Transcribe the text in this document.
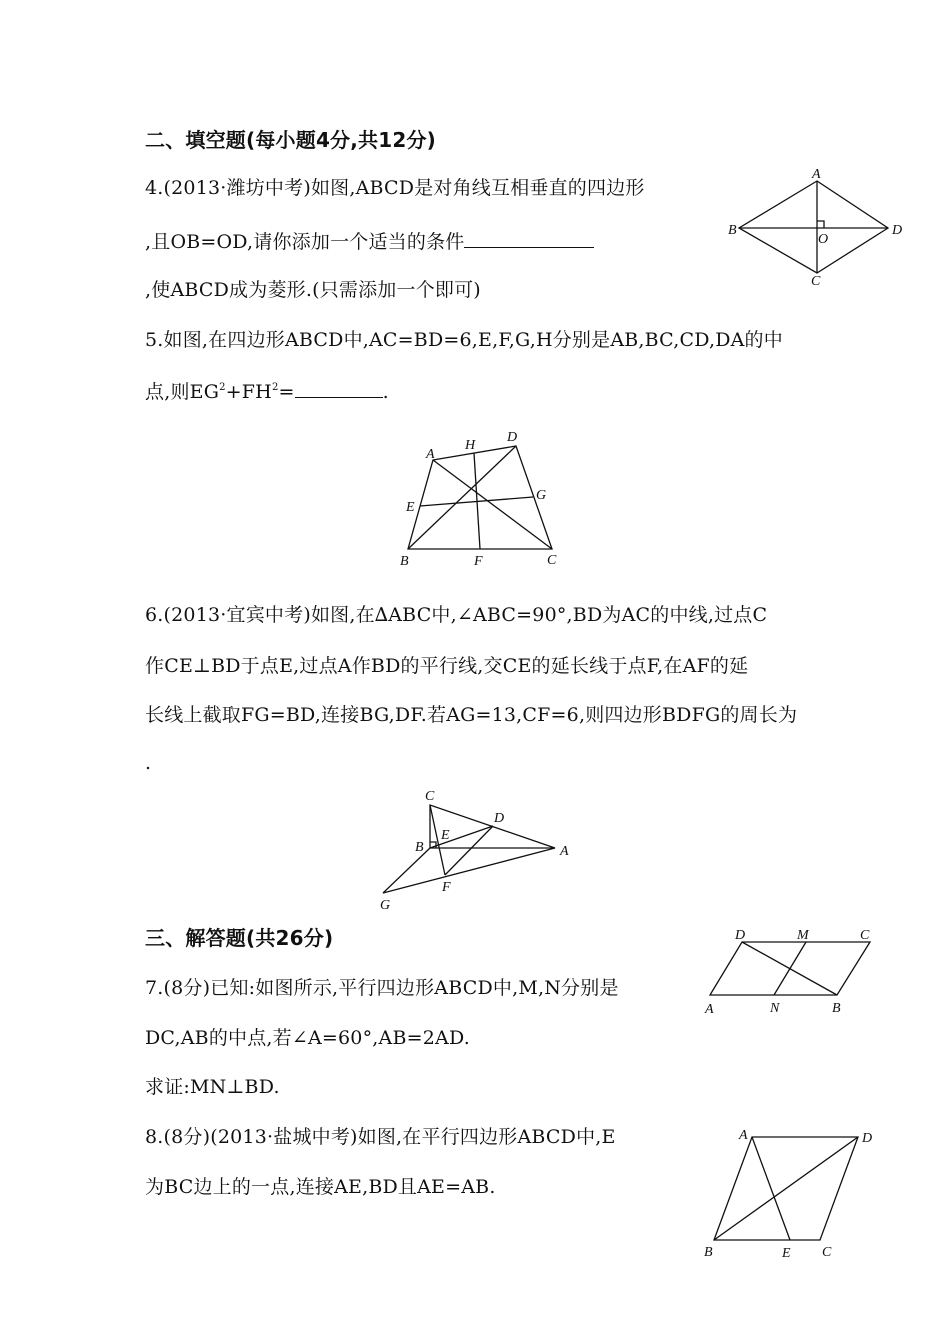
二、填空题(每小题4分,共12分)
4.(2013·潍坊中考)如图,ABCD是对角线互相垂直的四边形
,且OB=OD,请你添加一个适当的条件
,使ABCD成为菱形.(只需添加一个即可)
A
B
C
D
O
5.如图,在四边形ABCD中,AC=BD=6,E,F,G,H分别是AB,BC,CD,DA的中
点,则$EG^2+FH^2=$	.
A
H
D
E
G
B	F	C
6.(2013·宜宾中考)如图,在∆ABC中,∠ABC=90°,BD为AC的中线,过点C
作CE⊥BD于点E,过点A作BD的平行线,交CE的延长线于点F,在AF的延
长线上截取FG=BD,连接BG,DF.若AG=13,CF=6,则四边形BDFG的周长为
.
C
D
E
B	A
F
G
三、解答题(共26分)
7.(8分)已知:如图所示,平行四边形ABCD中,M,N分别是
DC,AB的中点,若∠A=60°,AB=2AD.
求证:MN⊥BD.
D	M	C
A	N	B
8.(8分)(2013·盐城中考)如图,在平行四边形ABCD中,E
为BC边上的一点,连接AE,BD且AE=AB.
A	D
B	E C
